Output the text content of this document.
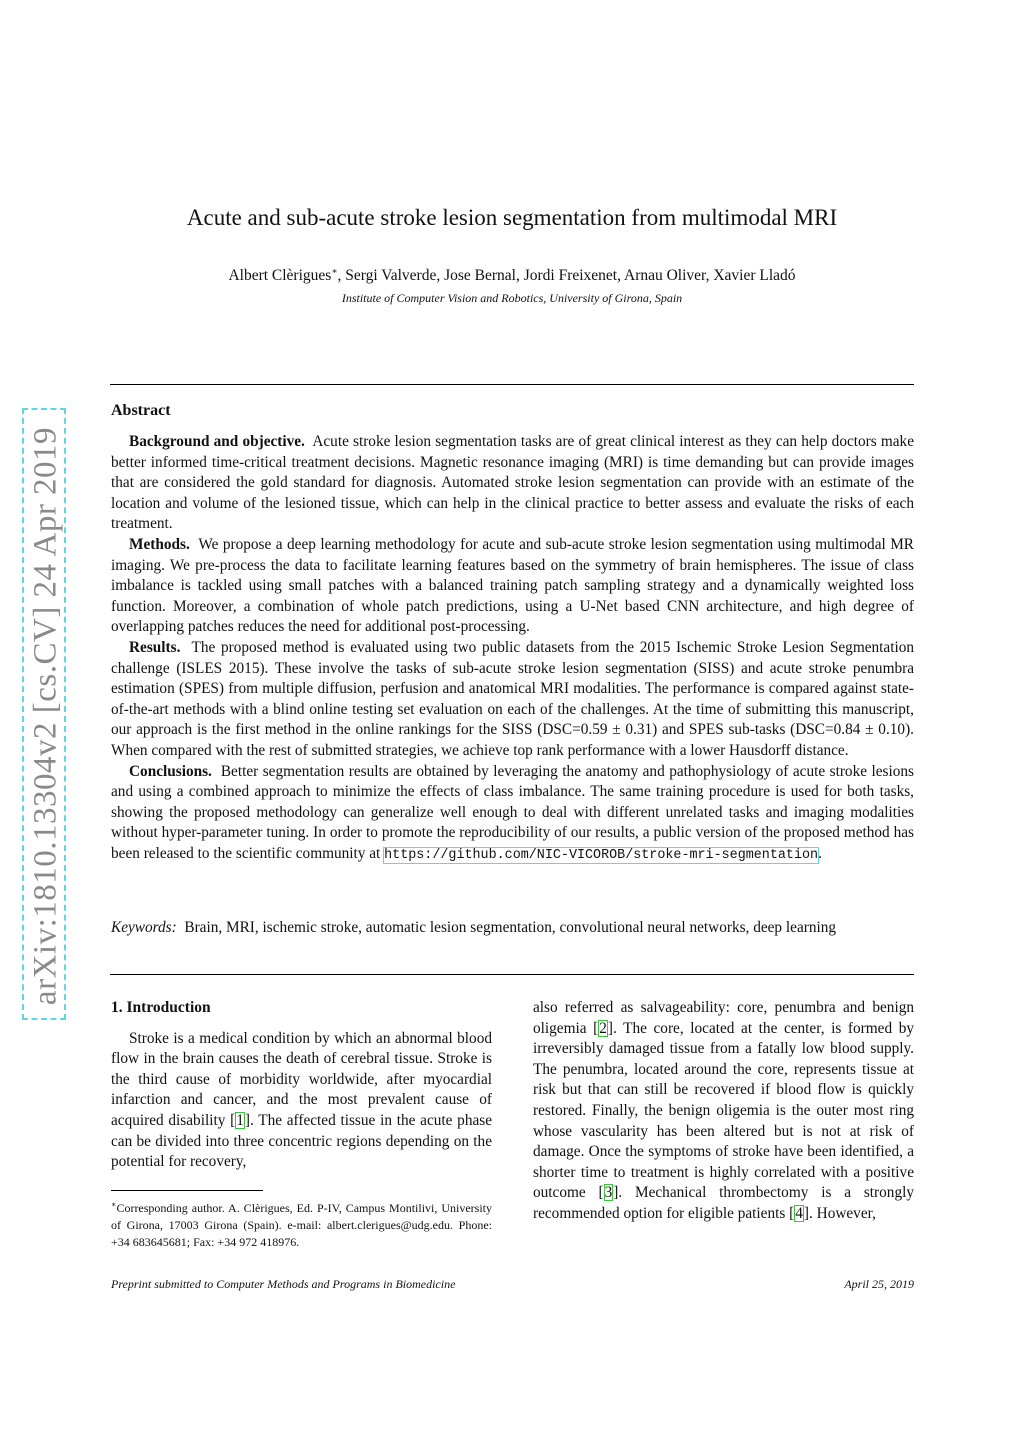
arXiv:1810.13304v2 [cs.CV] 24 Apr 2019
Acute and sub-acute stroke lesion segmentation from multimodal MRI
Albert Clèrigues∗, Sergi Valverde, Jose Bernal, Jordi Freixenet, Arnau Oliver, Xavier Lladó
Institute of Computer Vision and Robotics, University of Girona, Spain
Abstract

Background and objective. Acute stroke lesion segmentation tasks are of great clinical interest as they can help doctors make better informed time-critical treatment decisions. Magnetic resonance imaging (MRI) is time demanding but can provide images that are considered the gold standard for diagnosis. Automated stroke lesion segmentation can provide with an estimate of the location and volume of the lesioned tissue, which can help in the clinical practice to better assess and evaluate the risks of each treatment.

Methods. We propose a deep learning methodology for acute and sub-acute stroke lesion segmentation using multimodal MR imaging. We pre-process the data to facilitate learning features based on the symmetry of brain hemispheres. The issue of class imbalance is tackled using small patches with a balanced training patch sampling strategy and a dynamically weighted loss function. Moreover, a combination of whole patch predictions, using a U-Net based CNN architecture, and high degree of overlapping patches reduces the need for additional post-processing.

Results. The proposed method is evaluated using two public datasets from the 2015 Ischemic Stroke Lesion Segmentation challenge (ISLES 2015). These involve the tasks of sub-acute stroke lesion segmentation (SISS) and acute stroke penumbra estimation (SPES) from multiple diffusion, perfusion and anatomical MRI modalities. The performance is compared against state-of-the-art methods with a blind online testing set evaluation on each of the challenges. At the time of submitting this manuscript, our approach is the first method in the online rankings for the SISS (DSC=0.59 ± 0.31) and SPES sub-tasks (DSC=0.84 ± 0.10). When compared with the rest of submitted strategies, we achieve top rank performance with a lower Hausdorff distance.

Conclusions. Better segmentation results are obtained by leveraging the anatomy and pathophysiology of acute stroke lesions and using a combined approach to minimize the effects of class imbalance. The same training procedure is used for both tasks, showing the proposed methodology can generalize well enough to deal with different unrelated tasks and imaging modalities without hyper-parameter tuning. In order to promote the reproducibility of our results, a public version of the proposed method has been released to the scientific community at https://github.com/NIC-VICOROB/stroke-mri-segmentation.

Keywords: Brain, MRI, ischemic stroke, automatic lesion segmentation, convolutional neural networks, deep learning
1. Introduction

Stroke is a medical condition by which an abnormal blood flow in the brain causes the death of cerebral tissue. Stroke is the third cause of morbidity worldwide, after myocardial infarction and cancer, and the most prevalent cause of acquired disability [1]. The affected tissue in the acute phase can be divided into three concentric regions depending on the potential for recovery,

∗Corresponding author. A. Clèrigues, Ed. P-IV, Campus Montilivi, University of Girona, 17003 Girona (Spain). e-mail: albert.clerigues@udg.edu. Phone: +34 683645681; Fax: +34 972 418976.

also referred as salvageability: core, penumbra and benign oligemia [2]. The core, located at the center, is formed by irreversibly damaged tissue from a fatally low blood supply. The penumbra, located around the core, represents tissue at risk but that can still be recovered if blood flow is quickly restored. Finally, the benign oligemia is the outer most ring whose vascularity has been altered but is not at risk of damage. Once the symptoms of stroke have been identified, a shorter time to treatment is highly correlated with a positive outcome [3]. Mechanical thrombectomy is a strongly recommended option for eligible patients [4]. However,

Preprint submitted to Computer Methods and Programs in Biomedicine	April 25, 2019
